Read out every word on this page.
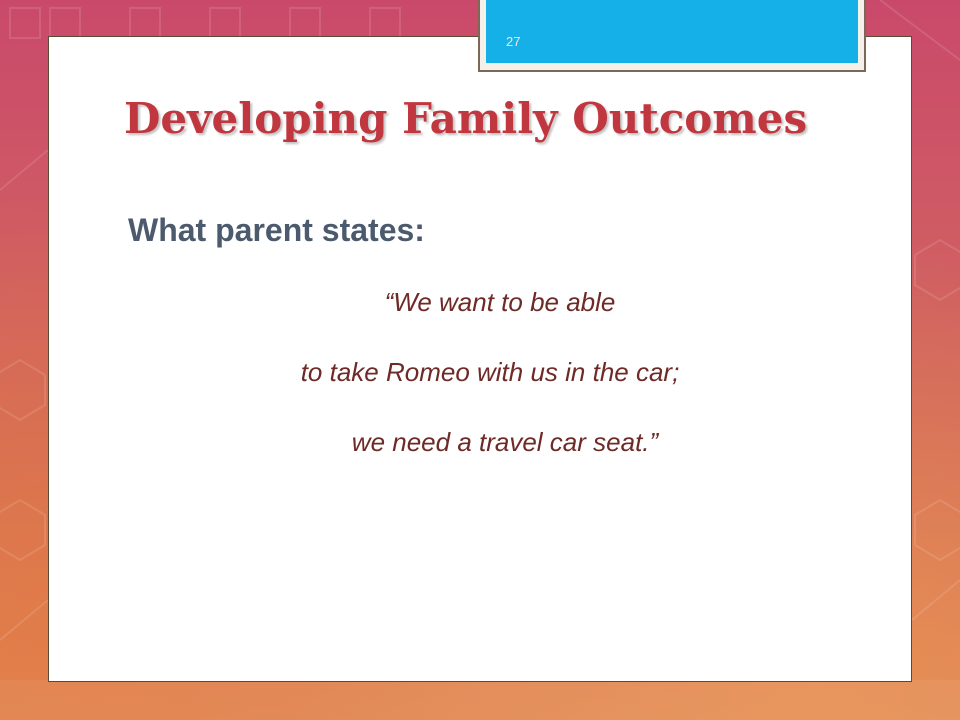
27
Developing Family Outcomes
What parent states:
“We want to be able
to take Romeo with us in the car;
we need a travel car seat.”
